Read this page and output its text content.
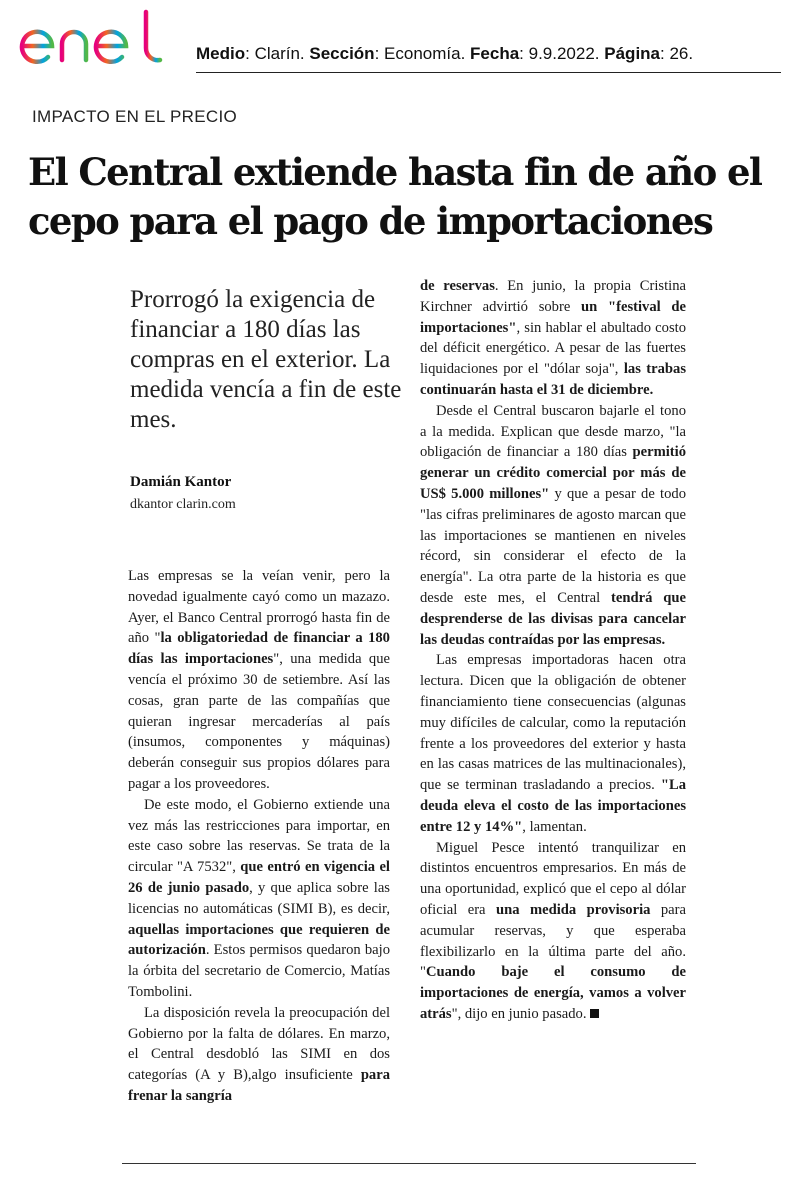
Medio: Clarín. Sección: Economía. Fecha: 9.9.2022. Página: 26.
IMPACTO EN EL PRECIO
El Central extiende hasta fin de año el cepo para el pago de importaciones

Prorrogó la exigencia de financiar a 180 días las compras en el exterior. La medida vencía a fin de este mes.

Damián Kantor
dkantor clarin.com

Las empresas se la veían venir, pero la novedad igualmente cayó como un mazazo. Ayer, el Banco Central prorrogó hasta fin de año "la obligatoriedad de financiar a 180 días las importaciones", una medida que vencía el próximo 30 de setiembre. Así las cosas, gran parte de las compañías que quieran ingresar mercaderías al país (insumos, componentes y máquinas) deberán conseguir sus propios dólares para pagar a los proveedores.

De este modo, el Gobierno extiende una vez más las restricciones para importar, en este caso sobre las reservas. Se trata de la circular "A 7532", que entró en vigencia el 26 de junio pasado, y que aplica sobre las licencias no automáticas (SIMI B), es decir, aquellas importaciones que requieren de autorización. Estos permisos quedaron bajo la órbita del secretario de Comercio, Matías Tombolini.

La disposición revela la preocupación del Gobierno por la falta de dólares. En marzo, el Central desdobló las SIMI en dos categorías (A y B),algo insuficiente para frenar la sangría

de reservas. En junio, la propia Cristina Kirchner advirtió sobre un "festival de importaciones", sin hablar el abultado costo del déficit energético. A pesar de las fuertes liquidaciones por el "dólar soja", las trabas continuarán hasta el 31 de diciembre.

Desde el Central buscaron bajarle el tono a la medida. Explican que desde marzo, "la obligación de financiar a 180 días permitió generar un crédito comercial por más de US$ 5.000 millones" y que a pesar de todo "las cifras preliminares de agosto marcan que las importaciones se mantienen en niveles récord, sin considerar el efecto de la energía". La otra parte de la historia es que desde este mes, el Central tendrá que desprenderse de las divisas para cancelar las deudas contraídas por las empresas.

Las empresas importadoras hacen otra lectura. Dicen que la obligación de obtener financiamiento tiene consecuencias (algunas muy difíciles de calcular, como la reputación frente a los proveedores del exterior y hasta en las casas matrices de las multinacionales), que se terminan trasladando a precios. "La deuda eleva el costo de las importaciones entre 12 y 14%", lamentan.

Miguel Pesce intentó tranquilizar en distintos encuentros empresarios. En más de una oportunidad, explicó que el cepo al dólar oficial era una medida provisoria para acumular reservas, y que esperaba flexibilizarlo en la última parte del año. "Cuando baje el consumo de importaciones de energía, vamos a volver atrás", dijo en junio pasado.
